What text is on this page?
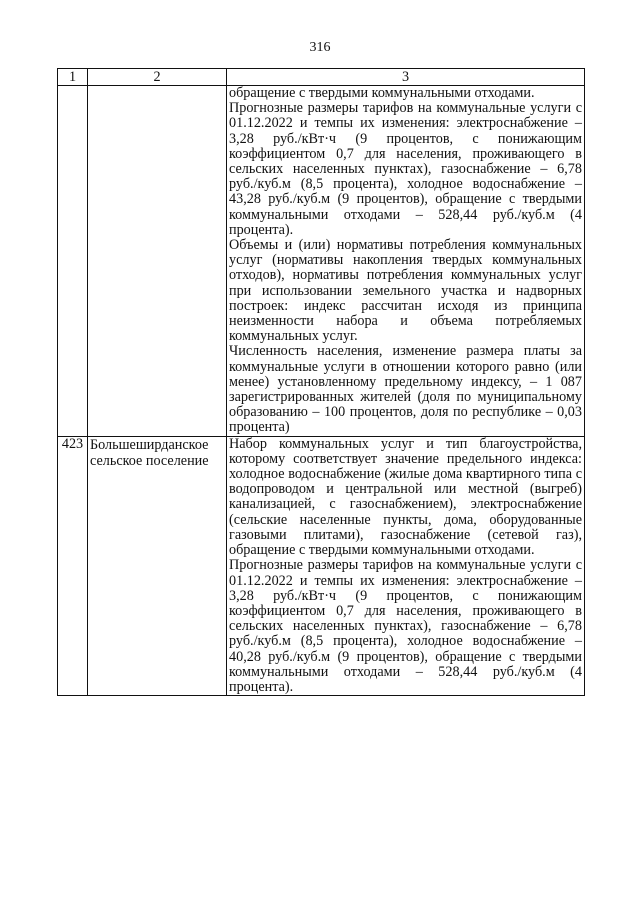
316
1	2	3

		обращение с твердыми коммунальными отходами.

Прогнозные размеры тарифов на коммунальные услуги с 01.12.2022 и темпы их изменения: электроснабжение – 3,28 руб./кВт·ч (9 процентов, с понижающим коэффициентом 0,7 для населения, проживающего в сельских населенных пунктах), газоснабжение – 6,78 руб./куб.м (8,5 процента), холодное водоснабжение – 43,28 руб./куб.м (9 процентов), обращение с твердыми коммунальными отходами – 528,44 руб./куб.м (4 процента).

Объемы и (или) нормативы потребления коммунальных услуг (нормативы накопления твердых коммунальных отходов), нормативы потребления коммунальных услуг при использовании земельного участка и надворных построек: индекс рассчитан исходя из принципа неизменности набора и объема потребляемых коммунальных услуг.

Численность населения, изменение размера платы за коммунальные услуги в отношении которого равно (или менее) установленному предельному индексу, – 1 087 зарегистрированных жителей (доля по муниципальному образованию – 100 процентов, доля по республике – 0,03 процента)

423	Большеширданское сельское поселение	Набор коммунальных услуг и тип благоустройства, которому соответствует значение предельного индекса: холодное водоснабжение (жилые дома квартирного типа с водопроводом и центральной или местной (выгреб) канализацией, с газоснабжением), электроснабжение (сельские населенные пункты, дома, оборудованные газовыми плитами), газоснабжение (сетевой газ), обращение с твердыми коммунальными отходами.

Прогнозные размеры тарифов на коммунальные услуги с 01.12.2022 и темпы их изменения: электроснабжение – 3,28 руб./кВт·ч (9 процентов, с понижающим коэффициентом 0,7 для населения, проживающего в сельских населенных пунктах), газоснабжение – 6,78 руб./куб.м (8,5 процента), холодное водоснабжение – 40,28 руб./куб.м (9 процентов), обращение с твердыми коммунальными отходами – 528,44 руб./куб.м (4 процента).
